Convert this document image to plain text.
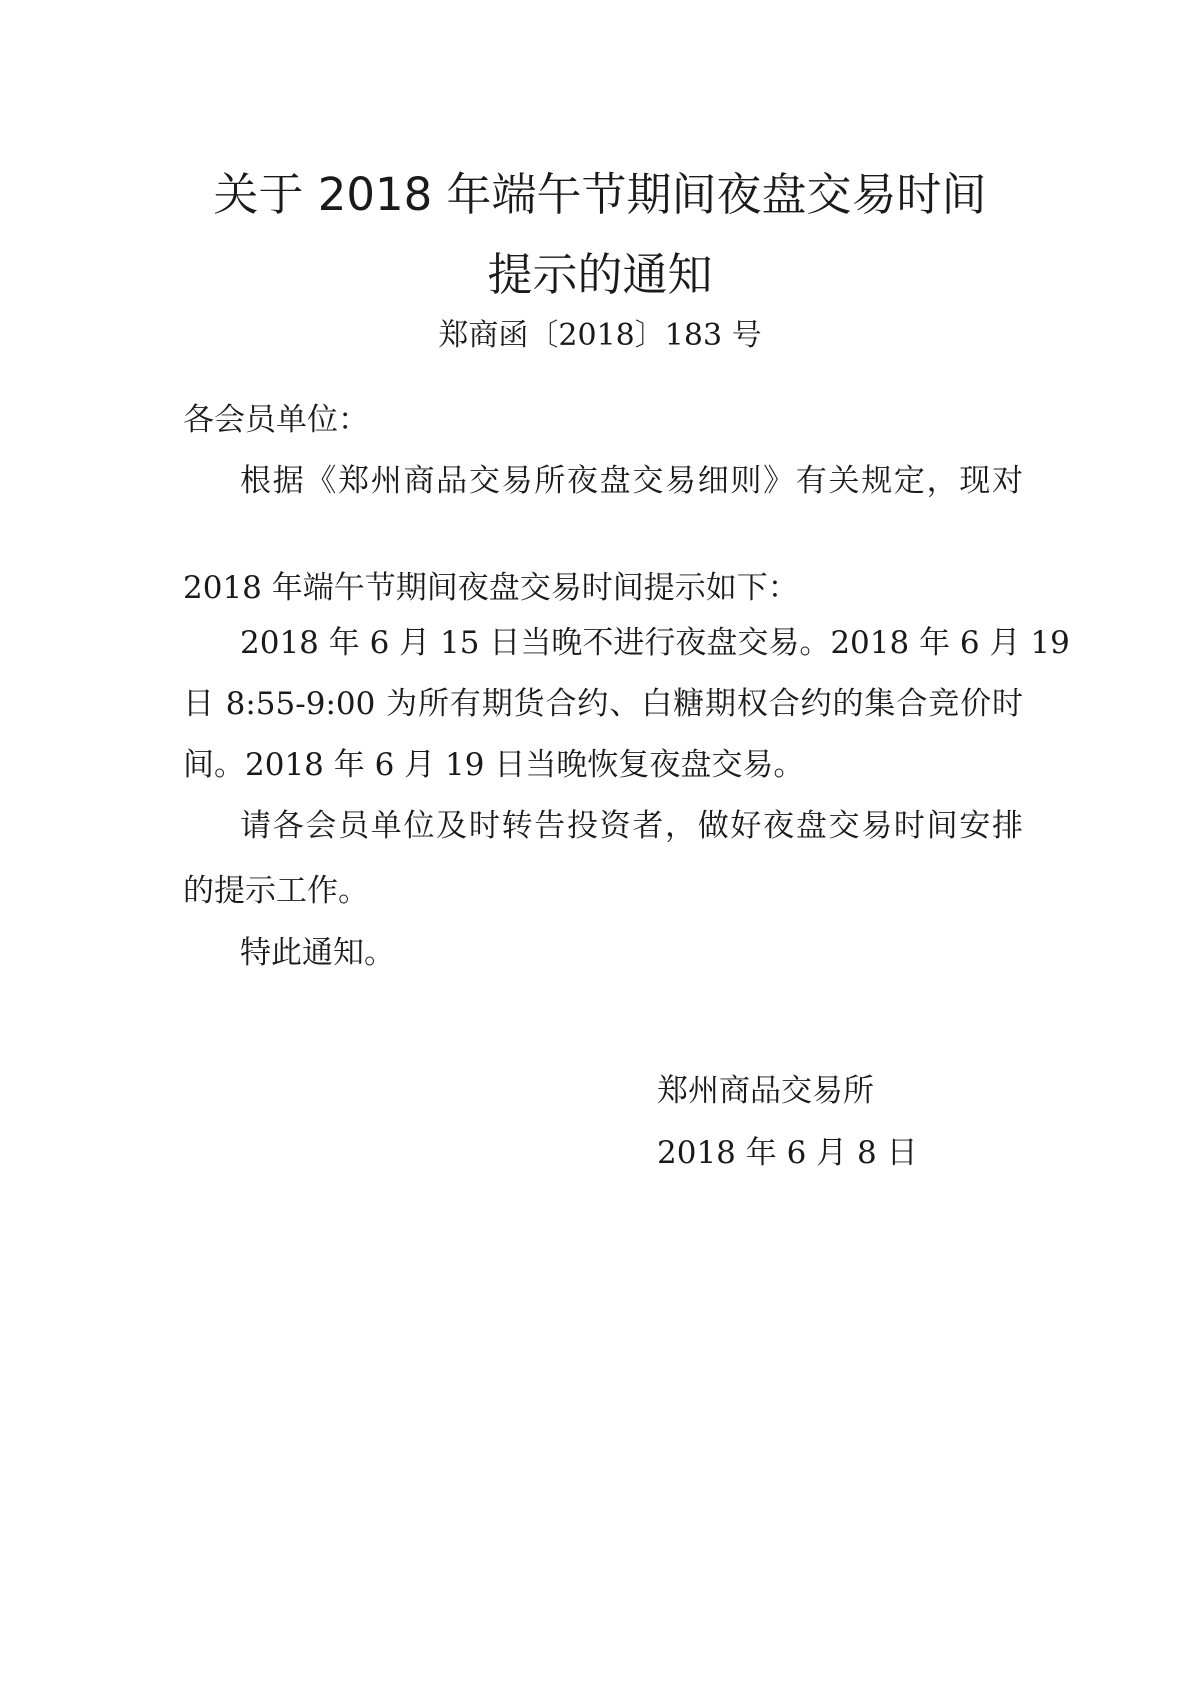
关于 2018 年端午节期间夜盘交易时间
提示的通知
郑商函〔2018〕183 号
各会员单位：
根据《郑州商品交易所夜盘交易细则》有关规定，现对
2018 年端午节期间夜盘交易时间提示如下：
2018 年 6 月 15 日当晚不进行夜盘交易。2018 年 6 月 19
日 8:55-9:00 为所有期货合约、白糖期权合约的集合竞价时
间。2018 年 6 月 19 日当晚恢复夜盘交易。
请各会员单位及时转告投资者，做好夜盘交易时间安排
的提示工作。
特此通知。
郑州商品交易所
2018 年 6 月 8 日
